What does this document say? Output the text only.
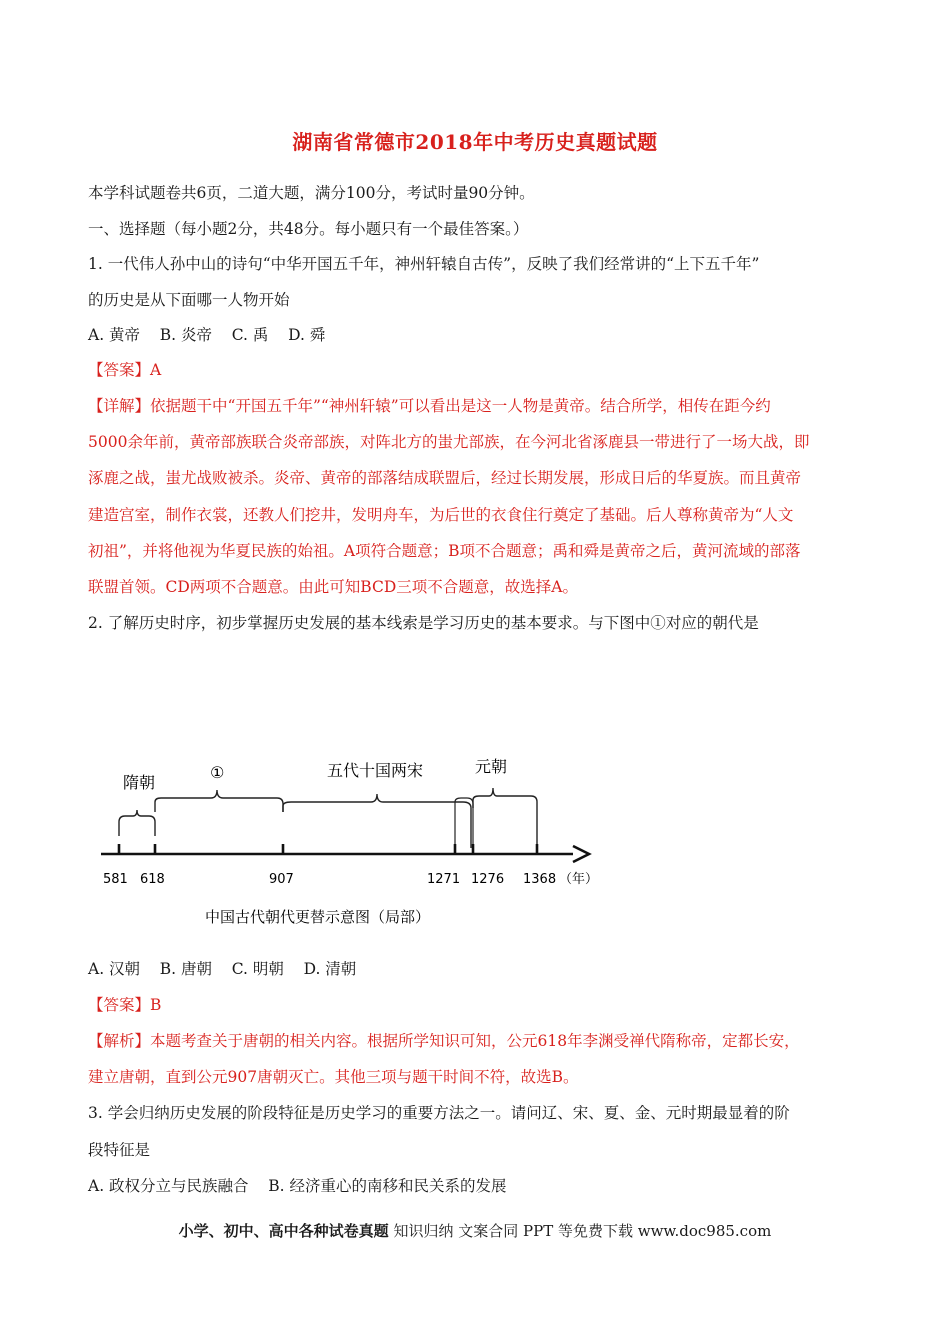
湖南省常德市2018年中考历史真题试题
本学科试题卷共6页，二道大题，满分100分，考试时量90分钟。
一、选择题（每小题2分，共48分。每小题只有一个最佳答案。）
1. 一代伟人孙中山的诗句“中华开国五千年，神州轩辕自古传”，反映了我们经常讲的“上下五千年”
的历史是从下面哪一人物开始
A. 黄帝    B. 炎帝    C. 禹    D. 舜
【答案】A
【详解】依据题干中“开国五千年”“神州轩辕”可以看出是这一人物是黄帝。结合所学，相传在距今约
5000余年前，黄帝部族联合炎帝部族，对阵北方的蚩尤部族，在今河北省涿鹿县一带进行了一场大战，即
涿鹿之战，蚩尤战败被杀。炎帝、黄帝的部落结成联盟后，经过长期发展，形成日后的华夏族。而且黄帝
建造宫室，制作衣裳，还教人们挖井，发明舟车，为后世的衣食住行奠定了基础。后人尊称黄帝为“人文
初祖”，并将他视为华夏民族的始祖。A项符合题意；B项不合题意；禹和舜是黄帝之后，黄河流域的部落
联盟首领。CD两项不合题意。由此可知BCD三项不合题意，故选择A。
2. 了解历史时序，初步掌握历史发展的基本线索是学习历史的基本要求。与下图中①对应的朝代是
隋朝
①	五代十国两宋	元朝
581 618	907	1271 1276 1368 （年）
中国古代朝代更替示意图（局部）
A. 汉朝    B. 唐朝    C. 明朝    D. 清朝
【答案】B
【解析】本题考查关于唐朝的相关内容。根据所学知识可知，公元618年李渊受禅代隋称帝，定都长安，
建立唐朝，直到公元907唐朝灭亡。其他三项与题干时间不符，故选B。
3. 学会归纳历史发展的阶段特征是历史学习的重要方法之一。请问辽、宋、夏、金、元时期最显着的阶
段特征是
A. 政权分立与民族融合    B. 经济重心的南移和民关系的发展
小学、初中、高中各种试卷真题 知识归纳 文案合同 PPT 等免费下载 www.doc985.com
